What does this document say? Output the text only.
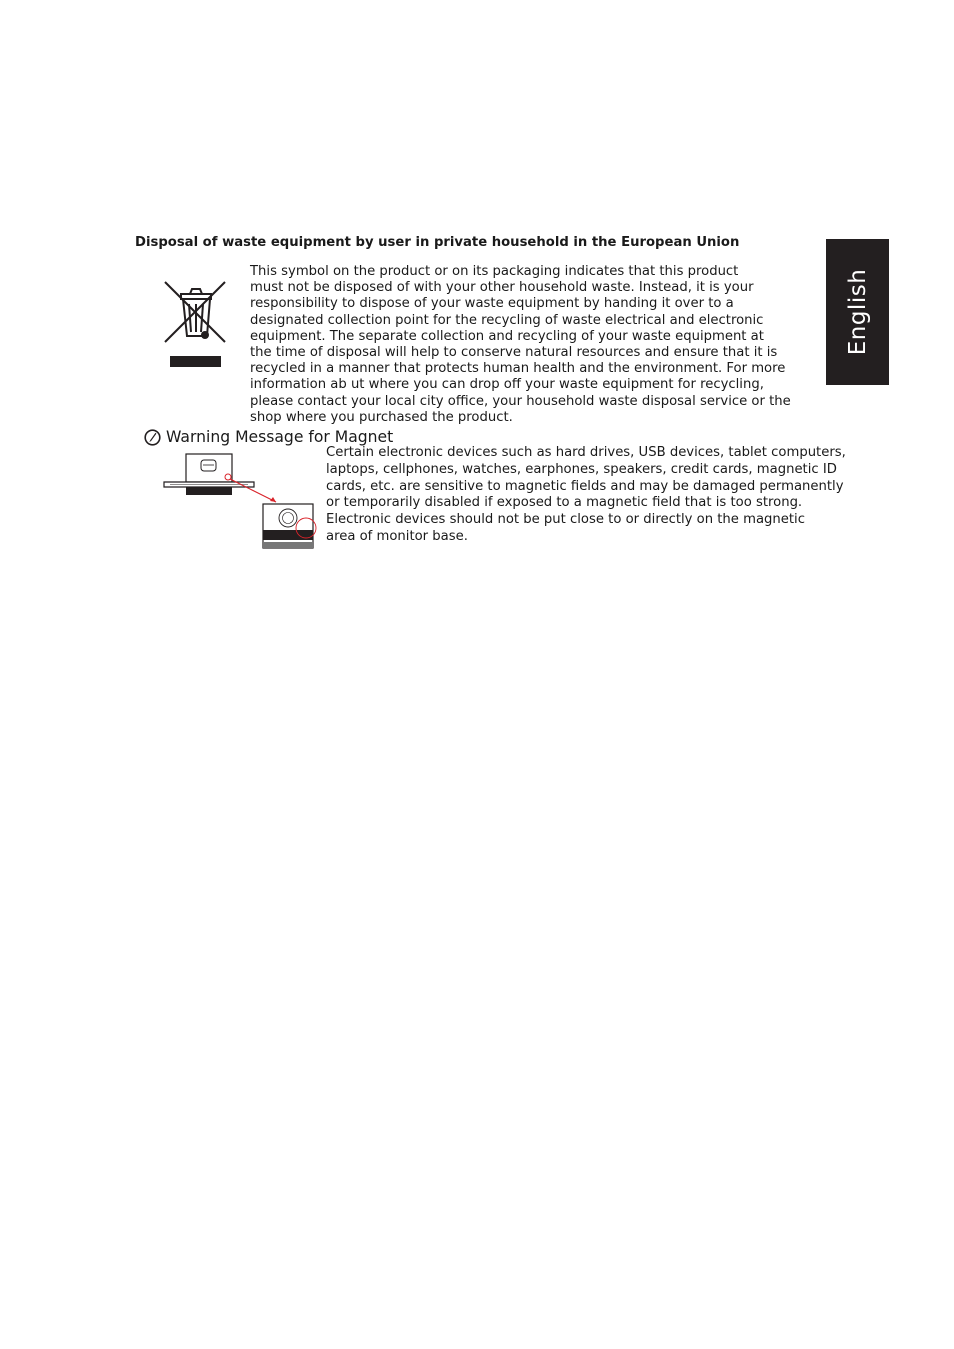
English
Disposal of waste equipment by user in private household in the European Union

This symbol on the product or on its packaging indicates that this product
must not be disposed of with your other household waste. Instead, it is your
responsibility to dispose of your waste equipment by handing it over to a
designated collection point for the recycling of waste electrical and electronic
equipment. The separate collection and recycling of your waste equipment at
the time of disposal will help to conserve natural resources and ensure that it is
recycled in a manner that protects human health and the environment. For more
information ab ut where you can drop off your waste equipment for recycling,
please contact your local city office, your household waste disposal service or the
shop where you purchased the product.

Warning Message for Magnet

Certain electronic devices such as hard drives, USB devices, tablet computers,
laptops, cellphones, watches, earphones, speakers, credit cards, magnetic ID
cards, etc. are sensitive to magnetic fields and may be damaged permanently
or temporarily disabled if exposed to a magnetic field that is too strong.
Electronic devices should not be put close to or directly on the magnetic
area of monitor base.
